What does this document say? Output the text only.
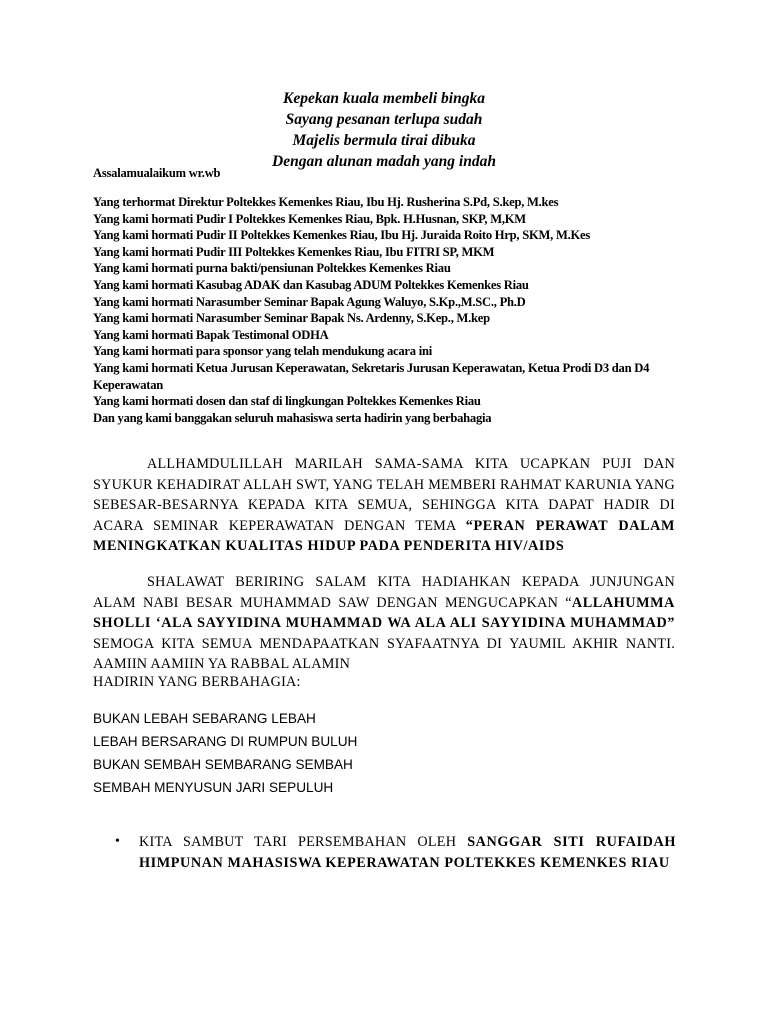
Kepekan kuala membeli bingka
Sayang pesanan terlupa sudah
Majelis bermula tirai dibuka
Dengan alunan madah yang indah
Assalamualaikum wr.wb
Yang terhormat Direktur Poltekkes Kemenkes Riau, Ibu Hj. Rusherina S.Pd, S.kep, M.kes
Yang kami hormati Pudir I Poltekkes Kemenkes Riau, Bpk. H.Husnan, SKP, M,KM
Yang kami hormati Pudir II Poltekkes Kemenkes Riau, Ibu Hj. Juraida Roito Hrp, SKM, M.Kes
Yang kami hormati Pudir III Poltekkes Kemenkes Riau, Ibu FITRI SP, MKM
Yang kami hormati purna bakti/pensiunan Poltekkes Kemenkes Riau
Yang kami hormati Kasubag ADAK dan Kasubag ADUM Poltekkes Kemenkes Riau
Yang kami hormati Narasumber Seminar Bapak Agung Waluyo, S.Kp.,M.SC., Ph.D
Yang kami hormati Narasumber Seminar Bapak Ns. Ardenny, S.Kep., M.kep
Yang kami hormati Bapak Testimonal ODHA
Yang kami hormati para sponsor yang telah mendukung acara ini
Yang kami hormati Ketua Jurusan Keperawatan, Sekretaris Jurusan Keperawatan, Ketua Prodi D3 dan D4 Keperawatan
Yang kami hormati dosen dan staf di lingkungan Poltekkes Kemenkes Riau
Dan yang kami banggakan seluruh mahasiswa serta hadirin yang berbahagia
ALLHAMDULILLAH MARILAH SAMA-SAMA KITA UCAPKAN PUJI DAN SYUKUR KEHADIRAT ALLAH SWT, YANG TELAH MEMBERI RAHMAT KARUNIA YANG SEBESAR-BESARNYA KEPADA KITA SEMUA, SEHINGGA KITA DAPAT HADIR DI ACARA SEMINAR KEPERAWATAN DENGAN TEMA “PERAN PERAWAT DALAM MENINGKATKAN KUALITAS HIDUP PADA PENDERITA HIV/AIDS
SHALAWAT BERIRING SALAM KITA HADIAHKAN KEPADA JUNJUNGAN ALAM NABI BESAR MUHAMMAD SAW DENGAN MENGUCAPKAN “ALLAHUMMA SHOLLI ‘ALA SAYYIDINA MUHAMMAD WA ALA ALI SAYYIDINA MUHAMMAD” SEMOGA KITA SEMUA MENDAPAATKAN SYAFAATNYA DI YAUMIL AKHIR NANTI. AAMIIN AAMIIN YA RABBAL ALAMIN
HADIRIN YANG BERBAHAGIA:
BUKAN LEBAH SEBARANG LEBAH
LEBAH BERSARANG DI RUMPUN BULUH
BUKAN SEMBAH SEMBARANG SEMBAH
SEMBAH MENYUSUN JARI SEPULUH
• KITA SAMBUT TARI PERSEMBAHAN OLEH SANGGAR SITI RUFAIDAH HIMPUNAN MAHASISWA KEPERAWATAN POLTEKKES KEMENKES RIAU
